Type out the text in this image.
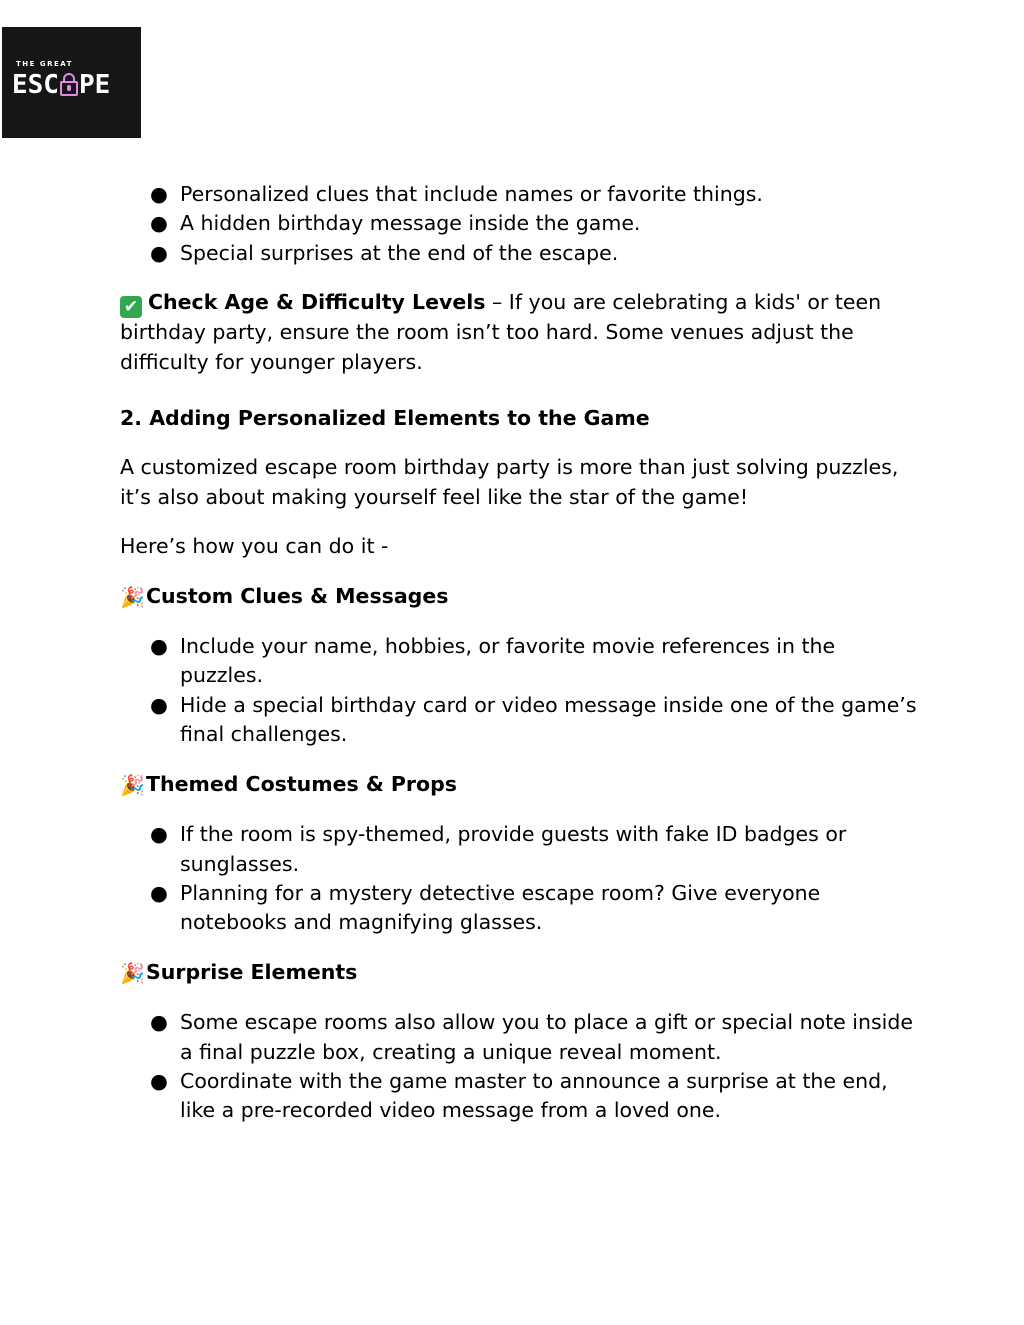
THE GREAT
ESC PE
● Personalized clues that include names or favorite things.
● A hidden birthday message inside the game.
● Special surprises at the end of the escape.

✔ Check Age & Difficulty Levels – If you are celebrating a kids' or teen birthday party, ensure the room isn’t too hard. Some venues adjust the difficulty for younger players.

2. Adding Personalized Elements to the Game

A customized escape room birthday party is more than just solving puzzles, it’s also about making yourself feel like the star of the game!

Here’s how you can do it -

🎉Custom Clues & Messages

● Include your name, hobbies, or favorite movie references in the puzzles.
● Hide a special birthday card or video message inside one of the game’s final challenges.

🎉Themed Costumes & Props

● If the room is spy-themed, provide guests with fake ID badges or sunglasses.
● Planning for a mystery detective escape room? Give everyone notebooks and magnifying glasses.

🎉Surprise Elements

● Some escape rooms also allow you to place a gift or special note inside a final puzzle box, creating a unique reveal moment.
● Coordinate with the game master to announce a surprise at the end, like a pre-recorded video message from a loved one.
